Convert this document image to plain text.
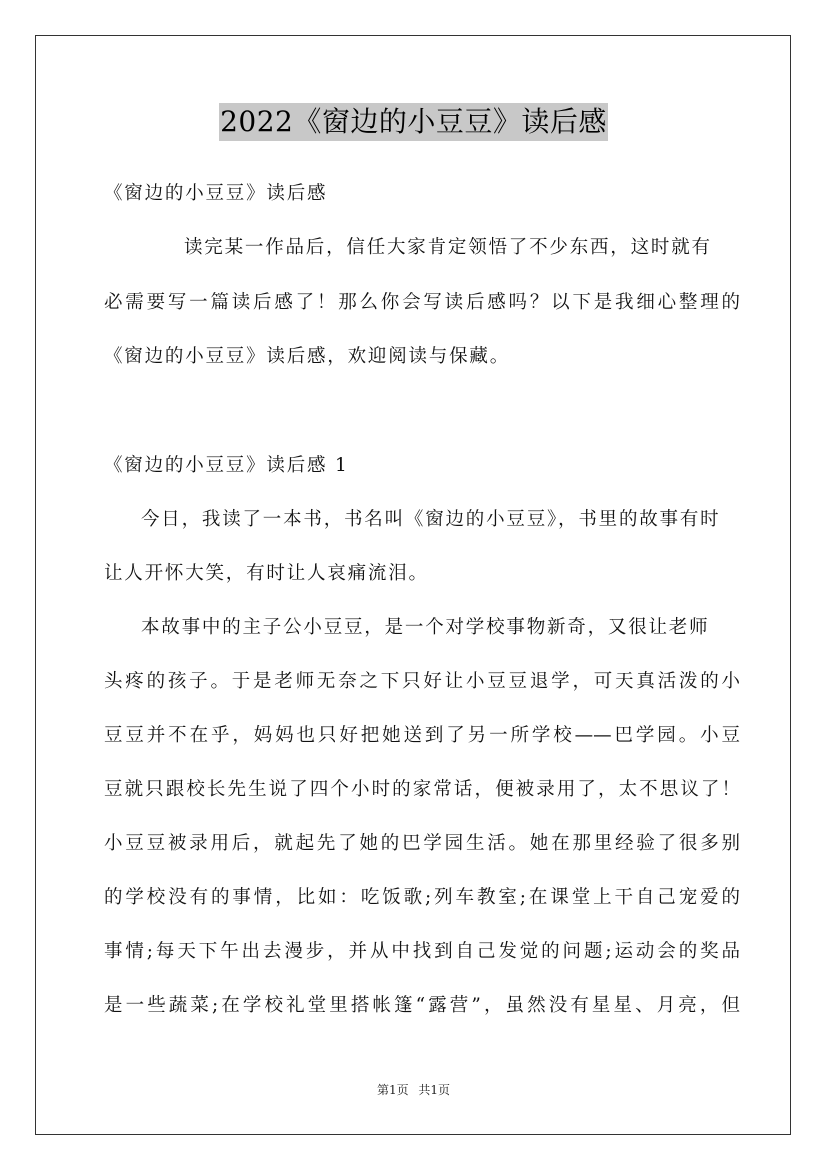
2022《窗边的小豆豆》读后感
《窗边的小豆豆》读后感
读完某一作品后，信任大家肯定领悟了不少东西，这时就有
必需要写一篇读后感了！那么你会写读后感吗？以下是我细心整理的
《窗边的小豆豆》读后感，欢迎阅读与保藏。
《窗边的小豆豆》读后感 1
今日，我读了一本书，书名叫《窗边的小豆豆》，书里的故事有时
让人开怀大笑，有时让人哀痛流泪。
本故事中的主子公小豆豆，是一个对学校事物新奇，又很让老师
头疼的孩子。于是老师无奈之下只好让小豆豆退学，可天真活泼的小
豆豆并不在乎，妈妈也只好把她送到了另一所学校——巴学园。小豆
豆就只跟校长先生说了四个小时的家常话，便被录用了，太不思议了！
小豆豆被录用后，就起先了她的巴学园生活。她在那里经验了很多别
的学校没有的事情，比如：吃饭歌;列车教室;在课堂上干自己宠爱的
事情;每天下午出去漫步，并从中找到自己发觉的问题;运动会的奖品
是一些蔬菜;在学校礼堂里搭帐篷“露营”，虽然没有星星、月亮，但
第1页 共1页
